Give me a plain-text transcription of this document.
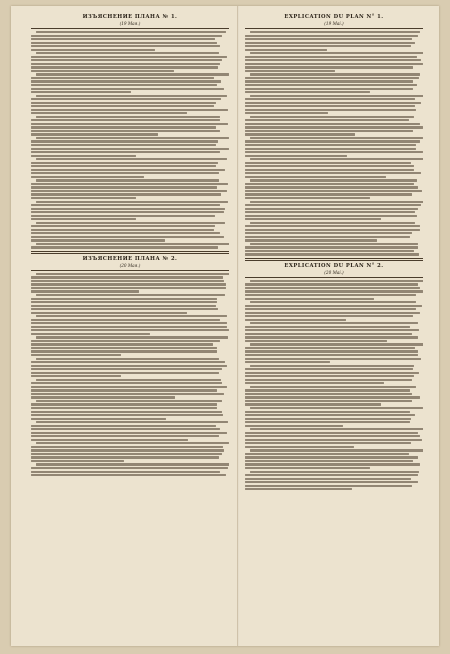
ИЗЪЯСНЕНИЕ ПЛАНА № 1.
(19 Мая.)
ИЗЪЯСНЕНИЕ ПЛАНА № 2.
(20 Мая.)
EXPLICATION DU PLAN N° 1.
(19 Mai.)
EXPLICATION DU PLAN N° 2.
(20 Mai.)
